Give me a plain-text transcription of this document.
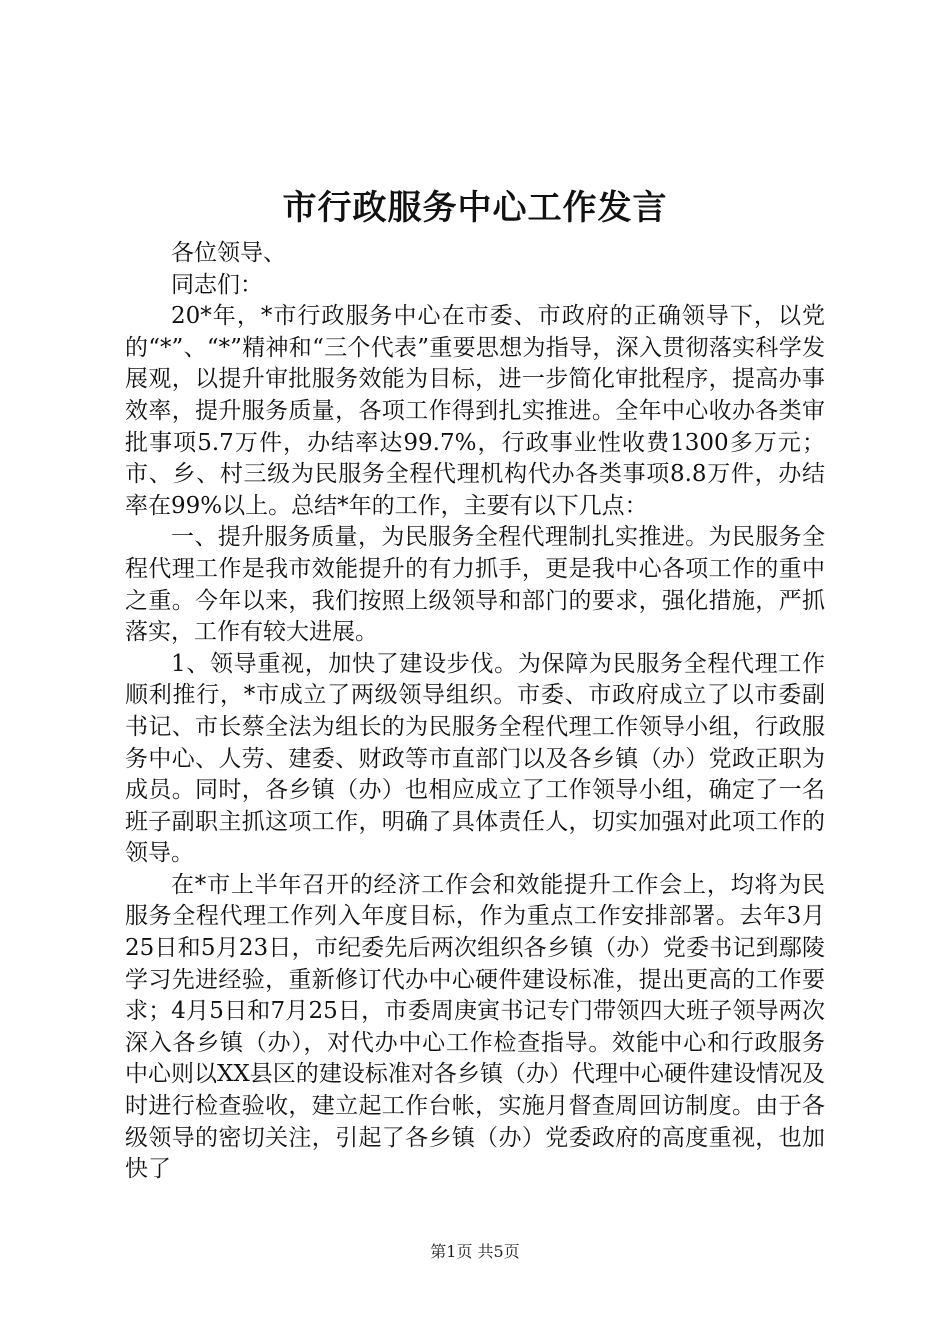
市行政服务中心工作发言

各位领导、

同志们：

20*年，*市行政服务中心在市委、市政府的正确领导下，以党的“*”、“*”精神和“三个代表”重要思想为指导，深入贯彻落实科学发展观，以提升审批服务效能为目标，进一步简化审批程序，提高办事效率，提升服务质量，各项工作得到扎实推进。全年中心收办各类审批事项5.7万件，办结率达99.7%，行政事业性收费1300多万元；市、乡、村三级为民服务全程代理机构代办各类事项8.8万件，办结率在99%以上。总结*年的工作，主要有以下几点：

一、提升服务质量，为民服务全程代理制扎实推进。为民服务全程代理工作是我市效能提升的有力抓手，更是我中心各项工作的重中之重。今年以来，我们按照上级领导和部门的要求，强化措施，严抓落实，工作有较大进展。

1、领导重视，加快了建设步伐。为保障为民服务全程代理工作顺利推行，*市成立了两级领导组织。市委、市政府成立了以市委副书记、市长蔡全法为组长的为民服务全程代理工作领导小组，行政服务中心、人劳、建委、财政等市直部门以及各乡镇（办）党政正职为成员。同时，各乡镇（办）也相应成立了工作领导小组，确定了一名班子副职主抓这项工作，明确了具体责任人，切实加强对此项工作的领导。

在*市上半年召开的经济工作会和效能提升工作会上，均将为民服务全程代理工作列入年度目标，作为重点工作安排部署。去年3月25日和5月23日，市纪委先后两次组织各乡镇（办）党委书记到鄢陵学习先进经验，重新修订代办中心硬件建设标准，提出更高的工作要求；4月5日和7月25日，市委周庚寅书记专门带领四大班子领导两次深入各乡镇（办），对代办中心工作检查指导。效能中心和行政服务中心则以XX县区的建设标准对各乡镇（办）代理中心硬件建设情况及时进行检查验收，建立起工作台帐，实施月督查周回访制度。由于各级领导的密切关注，引起了各乡镇（办）党委政府的高度重视，也加快了

第1页 共5页
